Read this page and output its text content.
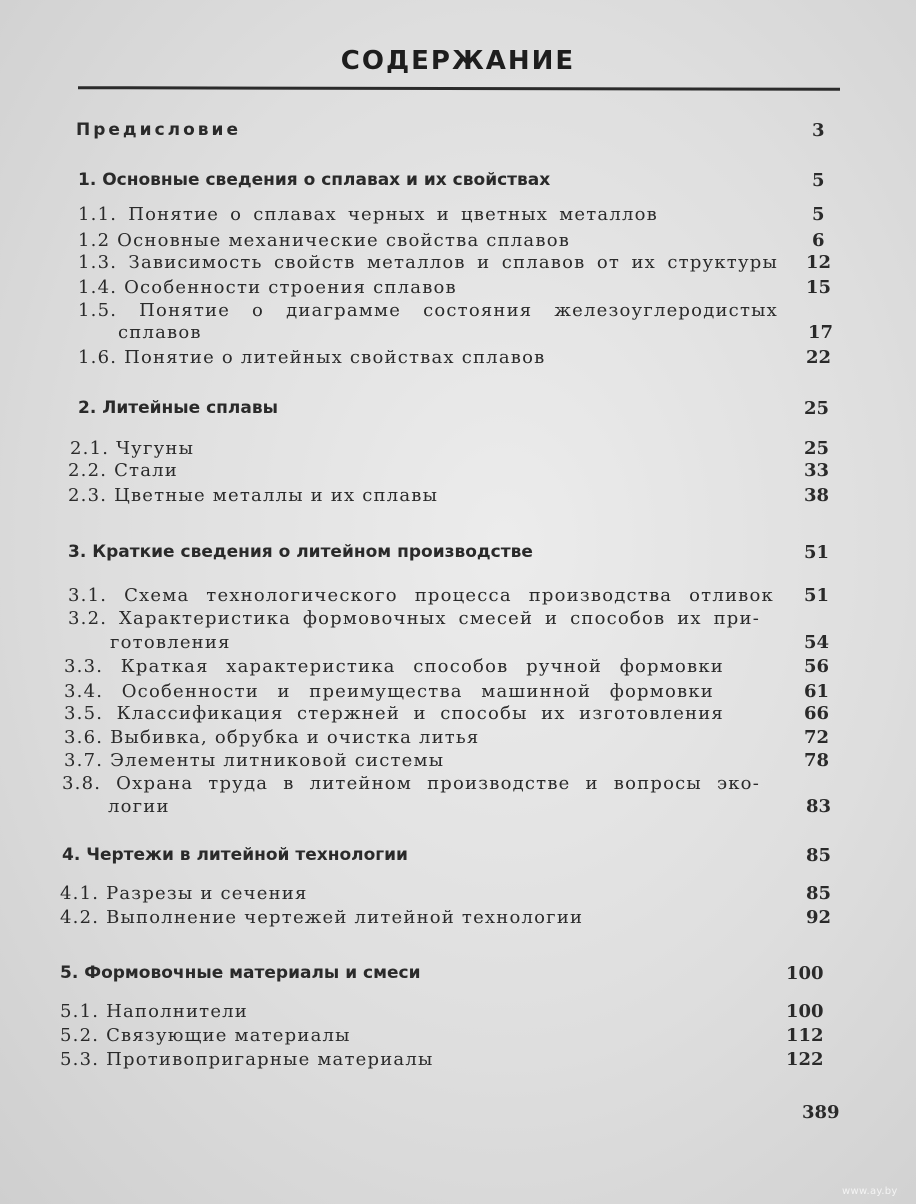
СОДЕРЖАНИЕ
Предисловие	3
1. Основные сведения о сплавах и их свойствах	5
1.1. Понятие о сплавах черных и цветных металлов	5
1.2 Основные механические свойства сплавов	6
1.3. Зависимость свойств металлов и сплавов от их структуры 12
1.4. Особенности строения сплавов	15
1.5. Понятие о диаграмме состояния железоуглеродистых
сплавов	17
1.6. Понятие о литейных свойствах сплавов	22
2. Литейные сплавы	25
2.1. Чугуны	25
2.2. Стали	33
2.3. Цветные металлы и их сплавы	38
3. Краткие сведения о литейном производстве	51
3.1. Схема технологического процесса производства отливок 51
3.2. Характеристика формовочных смесей и способов их при-
готовления	54
3.3. Краткая характеристика способов ручной формовки	56
3.4. Особенности и преимущества машинной формовки	61
3.5. Классификация стержней и способы их изготовления	66
3.6. Выбивка, обрубка и очистка литья	72
3.7. Элементы литниковой системы	78
3.8. Охрана труда в литейном производстве и вопросы эко-
логии	83
4. Чертежи в литейной технологии	85
4.1. Разрезы и сечения	85
4.2. Выполнение чертежей литейной технологии	92
5. Формовочные материалы и смеси	100
5.1. Наполнители	100
5.2. Связующие материалы	112
5.3. Противопригарные материалы	122
389
www.ay.by
